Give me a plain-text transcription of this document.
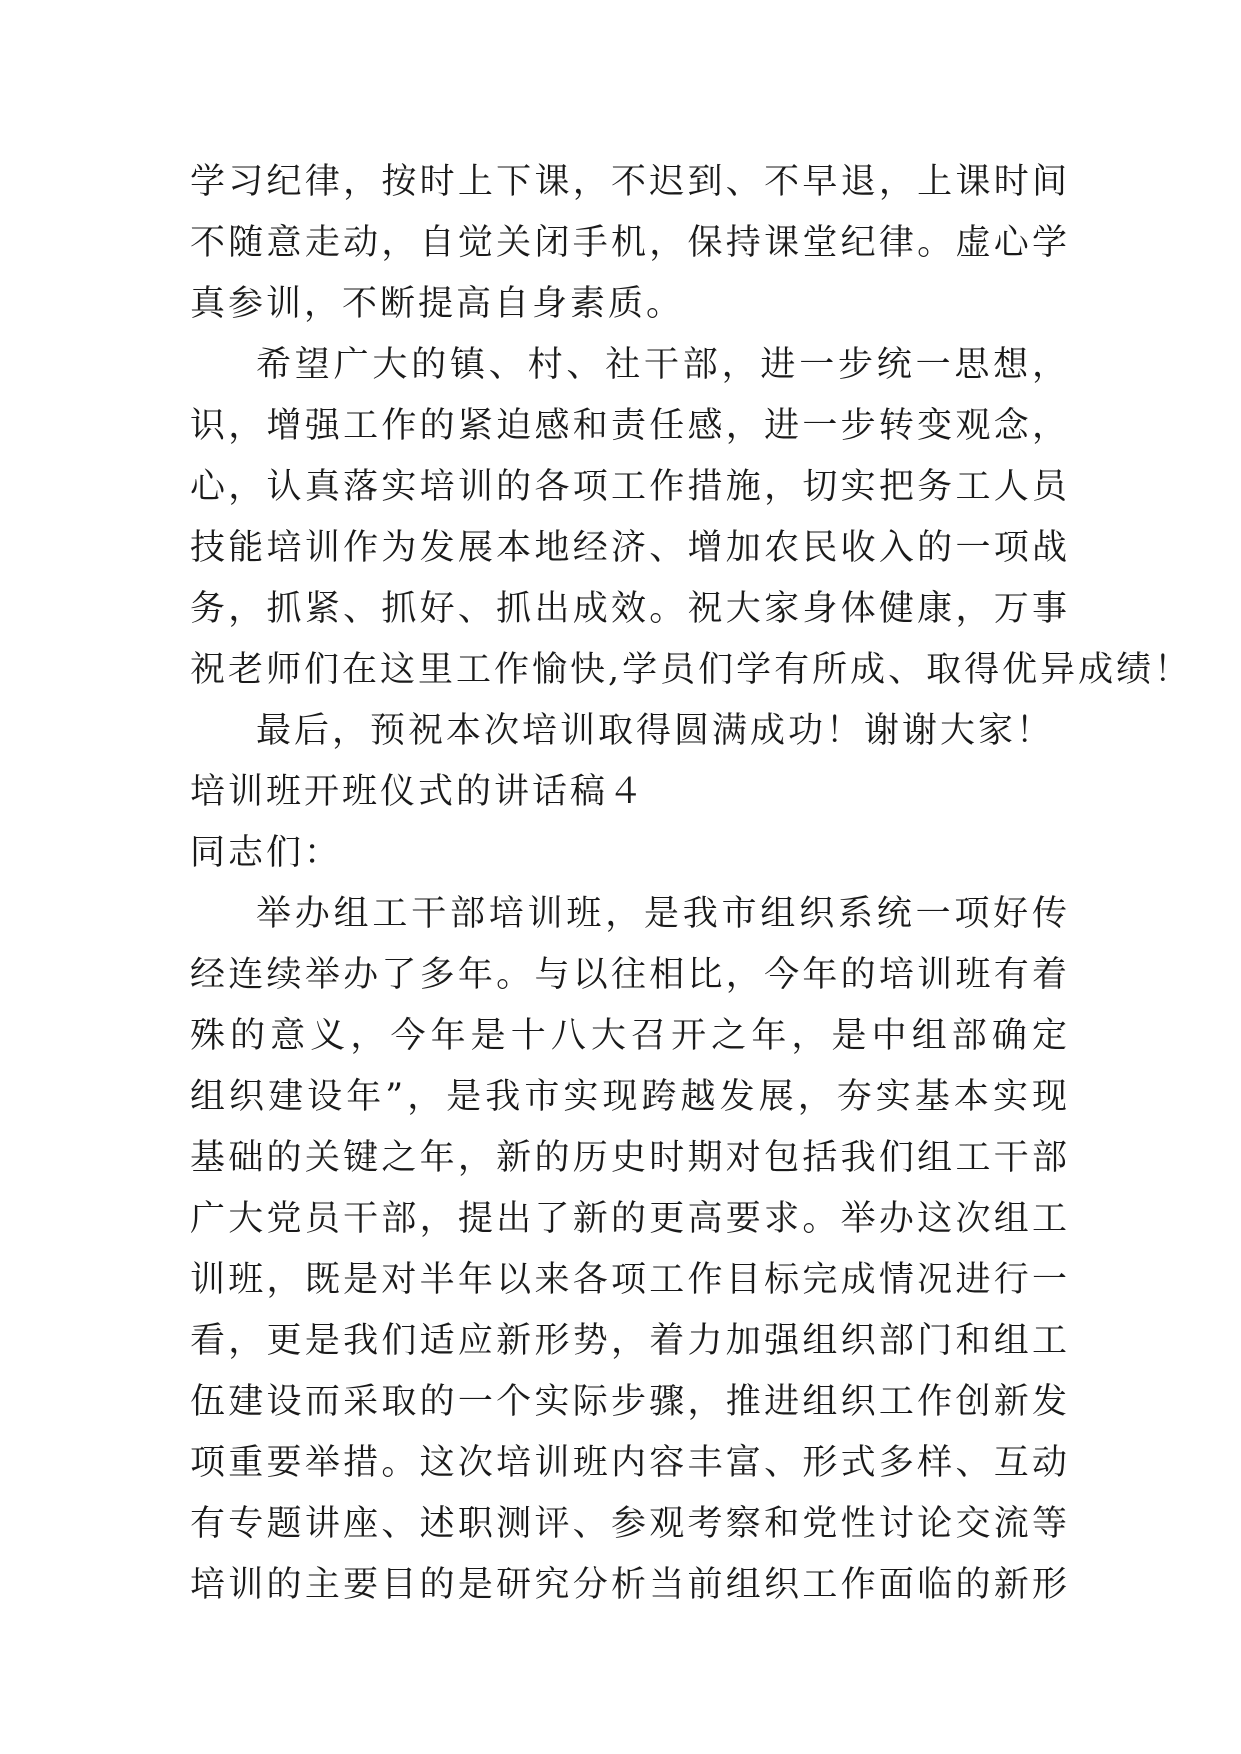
学习纪律，按时上下课，不迟到、不早退，上课时间
不随意走动，自觉关闭手机，保持课堂纪律。虚心学
真参训，不断提高自身素质。
希望广大的镇、村、社干部，进一步统一思想，
识，增强工作的紧迫感和责任感，进一步转变观念，
心，认真落实培训的各项工作措施，切实把务工人员
技能培训作为发展本地经济、增加农民收入的一项战
务，抓紧、抓好、抓出成效。祝大家身体健康，万事
祝老师们在这里工作愉快,学员们学有所成、取得优异成绩！
最后，预祝本次培训取得圆满成功！谢谢大家！
培训班开班仪式的讲话稿４
同志们：
举办组工干部培训班，是我市组织系统一项好传
经连续举办了多年。与以往相比，今年的培训班有着
殊的意义，今年是十八大召开之年，是中组部确定
组织建设年”，是我市实现跨越发展，夯实基本实现
基础的关键之年，新的历史时期对包括我们组工干部
广大党员干部，提出了新的更高要求。举办这次组工
训班，既是对半年以来各项工作目标完成情况进行一
看，更是我们适应新形势，着力加强组织部门和组工
伍建设而采取的一个实际步骤，推进组织工作创新发
项重要举措。这次培训班内容丰富、形式多样、互动
有专题讲座、述职测评、参观考察和党性讨论交流等
培训的主要目的是研究分析当前组织工作面临的新形
